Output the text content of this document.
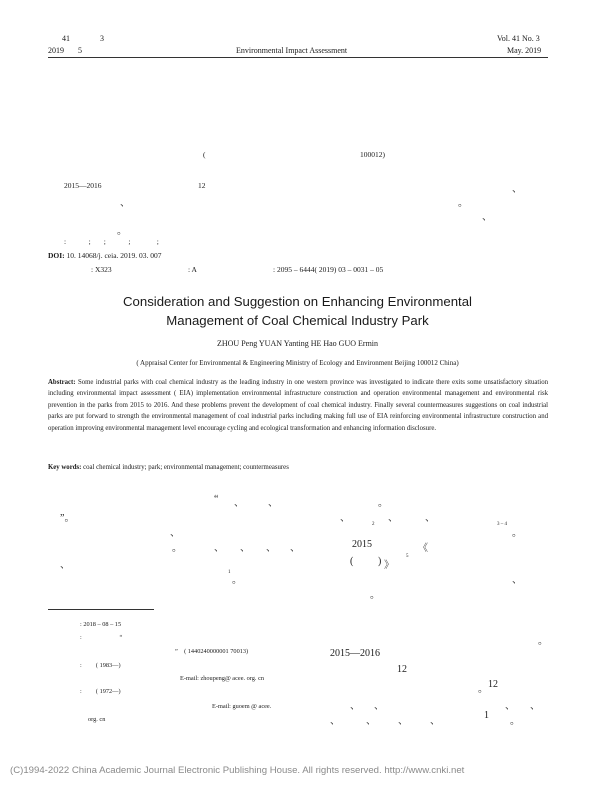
41	3
2019 5	Environmental Impact Assessment
Vol. 41 No. 3
May. 2019
(	100012)
2015—2016	12	、
、	。
、
。
:            ;       ;            ;              ;
DOI: 10. 14068/j. ceia. 2019. 03. 007
: X323	: A	: 2095 – 6444( 2019) 03 – 0031 – 05
Consideration and Suggestion on Enhancing Environmental
Management of Coal Chemical Industry Park
ZHOU Peng YUAN Yanting HE Hao GUO Ermin
( Appraisal Center for Environmental & Engineering Ministry of Ecology and Environment Beijing 100012 China)
Abstract: Some industrial parks with coal chemical industry as the leading industry in one western province was investigated to indicate there exits some unsatisfactory situation including environmental impact assessment ( EIA) implementation environmental infrastructure construction and operation environmental management and environmental risk prevention in the parks from 2015 to 2016. And these problems prevent the development of coal chemical industry. Finally several countermeasures suggestions on coal industrial parks are put forward to strength the environmental management of coal industrial parks including making full use of EIA reinforcing environmental infrastructure construction and operation improving environmental management level encourage cycling and ecological transformation and enhancing information disclosure.
Key words: coal chemical industry; park; environmental management; countermeasures
“ 、 、	。
”。	、	、	、
2	3 – 4
。
、
。	、 、 、 、	2015	《
、	( ) 》
5
1
。	、
。
: 2018 – 08 – 15
:                        “
”    ( 1440240000001 70013)
:         ( 1983—)
E-mail: zhoupeng@ acee. org. cn
:         ( 1972—)
E-mail: guoem @ acee.
org. cn
。
2015—2016
12
。 12
、 、	、 、
、	、 、 、
1
。
(C)1994-2022 China Academic Journal Electronic Publishing House. All rights reserved. http://www.cnki.net
